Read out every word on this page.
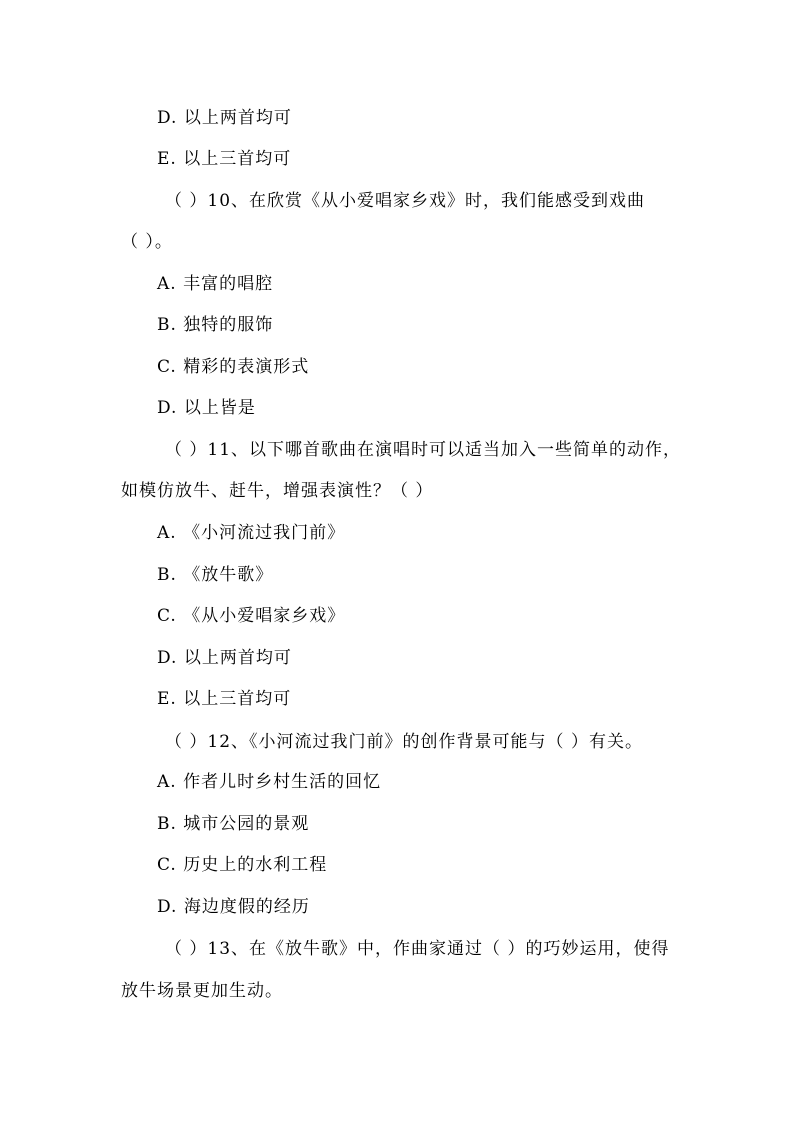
D. 以上两首均可
E. 以上三首均可
（ ）10、在欣赏《从小爱唱家乡戏》时，我们能感受到戏曲
（ ）。
A. 丰富的唱腔
B. 独特的服饰
C. 精彩的表演形式
D. 以上皆是
（ ）11、以下哪首歌曲在演唱时可以适当加入一些简单的动作，
如模仿放牛、赶牛，增强表演性？（ ）
A. 《小河流过我门前》
B. 《放牛歌》
C. 《从小爱唱家乡戏》
D. 以上两首均可
E. 以上三首均可
（ ）12、《小河流过我门前》的创作背景可能与（ ）有关。
A. 作者儿时乡村生活的回忆
B. 城市公园的景观
C. 历史上的水利工程
D. 海边度假的经历
（ ）13、在《放牛歌》中，作曲家通过（ ）的巧妙运用，使得
放牛场景更加生动。
